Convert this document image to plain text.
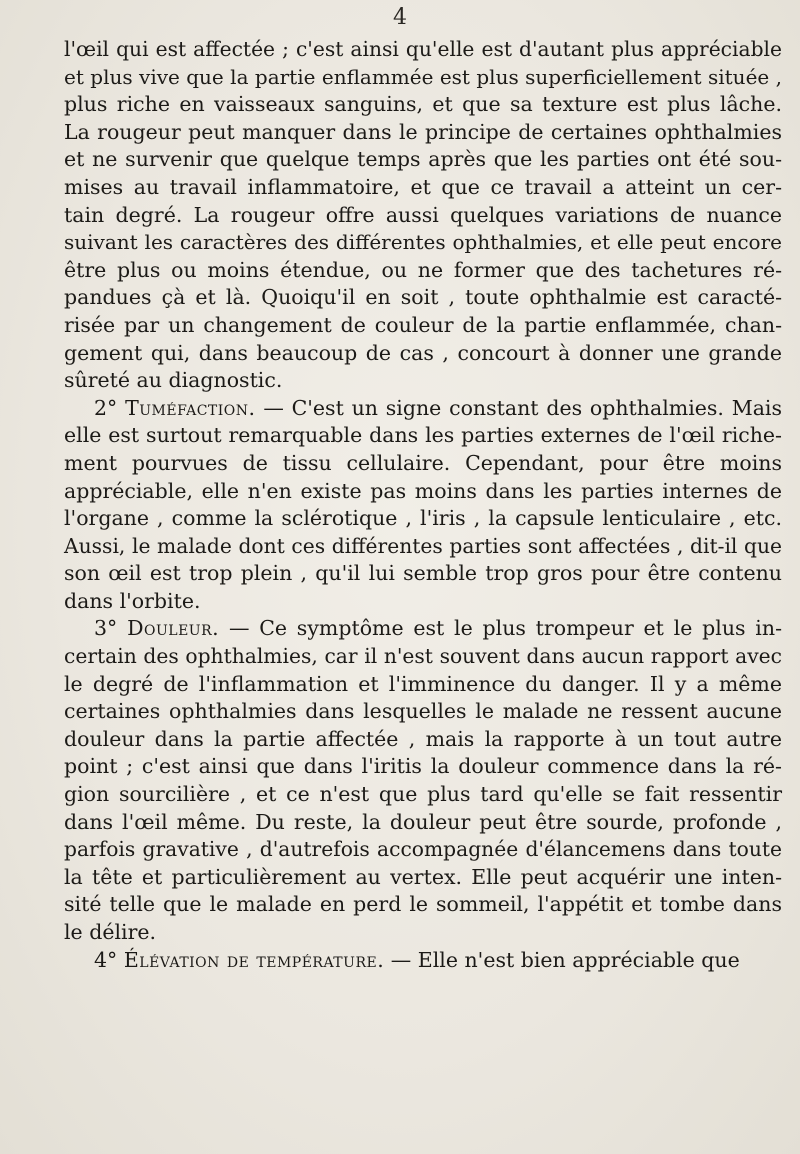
4

l'œil qui est affectée ; c'est ainsi qu'elle est d'autant plus appréciable

et plus vive que la partie enflammée est plus superficiellement située ,

plus riche en vaisseaux sanguins, et que sa texture est plus lâche.

La rougeur peut manquer dans le principe de certaines ophthalmies

et ne survenir que quelque temps après que les parties ont été sou-

mises au travail inflammatoire, et que ce travail a atteint un cer-

tain degré. La rougeur offre aussi quelques variations de nuance

suivant les caractères des différentes ophthalmies, et elle peut encore

être plus ou moins étendue, ou ne former que des tachetures ré-

pandues çà et là. Quoiqu'il en soit , toute ophthalmie est caracté-

risée par un changement de couleur de la partie enflammée, chan-

gement qui, dans beaucoup de cas , concourt à donner une grande

sûreté au diagnostic.

2° Tuméfaction. — C'est un signe constant des ophthalmies. Mais

elle est surtout remarquable dans les parties externes de l'œil riche-

ment pourvues de tissu cellulaire. Cependant, pour être moins

appréciable, elle n'en existe pas moins dans les parties internes de

l'organe , comme la sclérotique , l'iris , la capsule lenticulaire , etc.

Aussi, le malade dont ces différentes parties sont affectées , dit-il que

son œil est trop plein , qu'il lui semble trop gros pour être contenu

dans l'orbite.

3° Douleur. — Ce symptôme est le plus trompeur et le plus in-

certain des ophthalmies, car il n'est souvent dans aucun rapport avec

le degré de l'inflammation et l'imminence du danger. Il y a même

certaines ophthalmies dans lesquelles le malade ne ressent aucune

douleur dans la partie affectée , mais la rapporte à un tout autre

point ; c'est ainsi que dans l'iritis la douleur commence dans la ré-

gion sourcilière , et ce n'est que plus tard qu'elle se fait ressentir

dans l'œil même. Du reste, la douleur peut être sourde, profonde ,

parfois gravative , d'autrefois accompagnée d'élancemens dans toute

la tête et particulièrement au vertex. Elle peut acquérir une inten-

sité telle que le malade en perd le sommeil, l'appétit et tombe dans

le délire.

4° Élévation de température. — Elle n'est bien appréciable que
